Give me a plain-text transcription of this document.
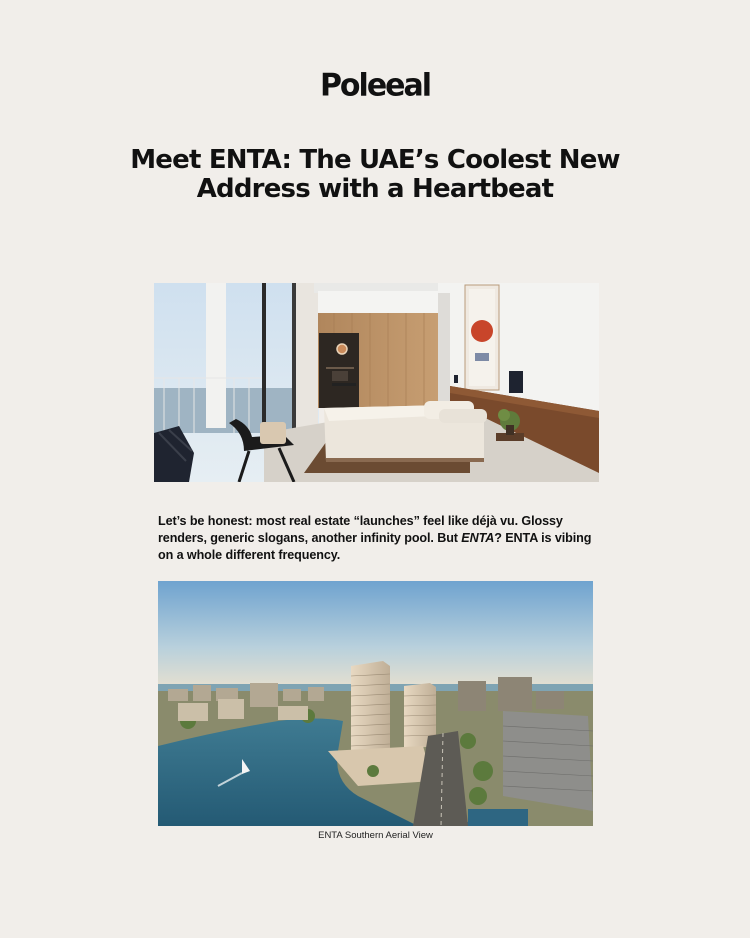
Poleeal
Meet ENTA: The UAE’s Coolest New Address with a Heartbeat

Let’s be honest: most real estate “launches” feel like déjà vu. Glossy renders, generic slogans, another infinity pool. But ENTA? ENTA is vibing on a whole different frequency.

ENTA Southern Aerial View
